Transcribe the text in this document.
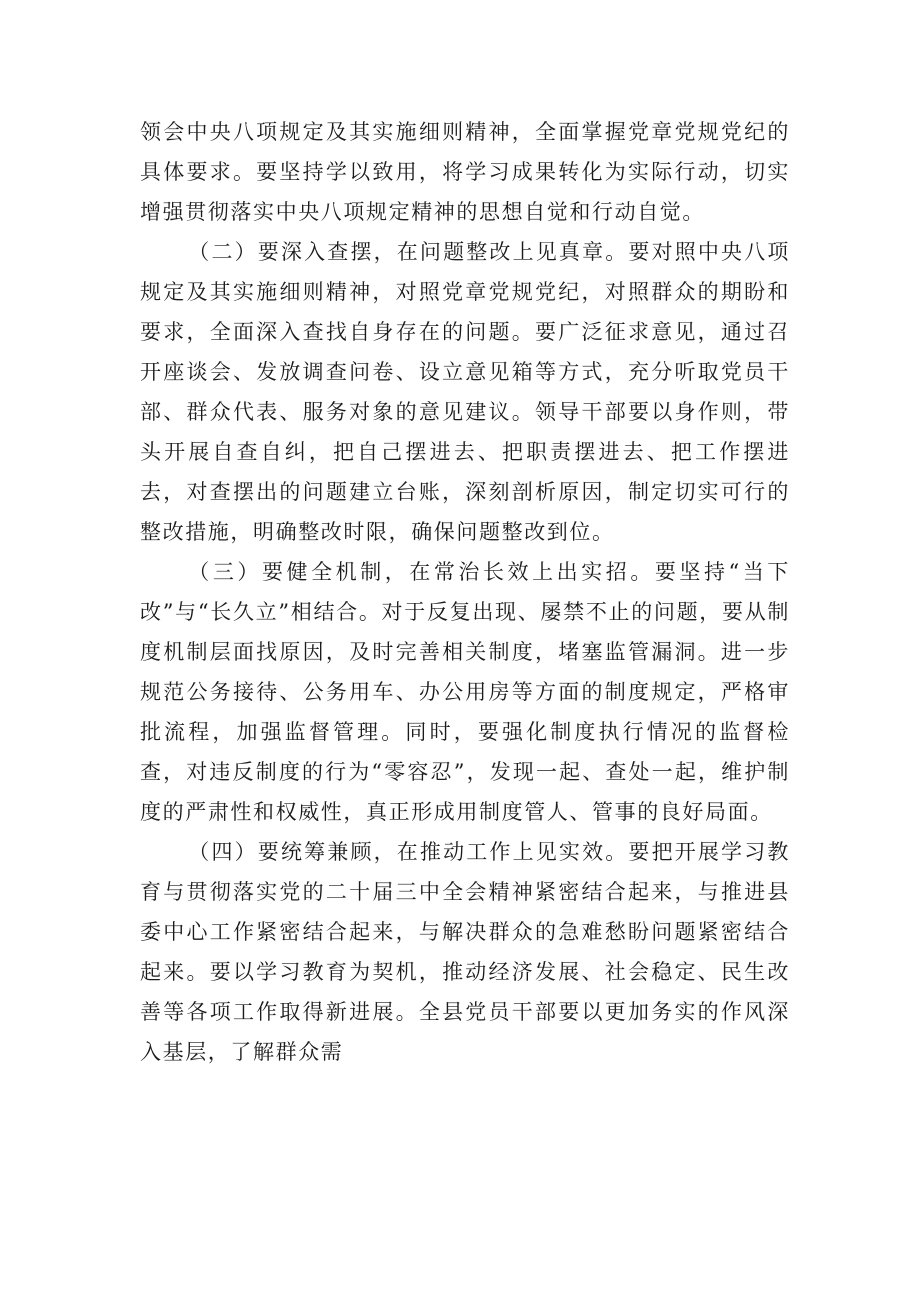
领会中央八项规定及其实施细则精神，全面掌握党章党规党纪的具体要求。要坚持学以致用，将学习成果转化为实际行动，切实增强贯彻落实中央八项规定精神的思想自觉和行动自觉。

（二）要深入查摆，在问题整改上见真章。要对照中央八项规定及其实施细则精神，对照党章党规党纪，对照群众的期盼和要求，全面深入查找自身存在的问题。要广泛征求意见，通过召开座谈会、发放调查问卷、设立意见箱等方式，充分听取党员干部、群众代表、服务对象的意见建议。领导干部要以身作则，带头开展自查自纠，把自己摆进去、把职责摆进去、把工作摆进去，对查摆出的问题建立台账，深刻剖析原因，制定切实可行的整改措施，明确整改时限，确保问题整改到位。

（三）要健全机制，在常治长效上出实招。要坚持“当下改”与“长久立”相结合。对于反复出现、屡禁不止的问题，要从制度机制层面找原因，及时完善相关制度，堵塞监管漏洞。进一步规范公务接待、公务用车、办公用房等方面的制度规定，严格审批流程，加强监督管理。同时，要强化制度执行情况的监督检查，对违反制度的行为“零容忍”，发现一起、查处一起，维护制度的严肃性和权威性，真正形成用制度管人、管事的良好局面。

（四）要统筹兼顾，在推动工作上见实效。要把开展学习教育与贯彻落实党的二十届三中全会精神紧密结合起来，与推进县委中心工作紧密结合起来，与解决群众的急难愁盼问题紧密结合起来。要以学习教育为契机，推动经济发展、社会稳定、民生改善等各项工作取得新进展。全县党员干部要以更加务实的作风深入基层，了解群众需
